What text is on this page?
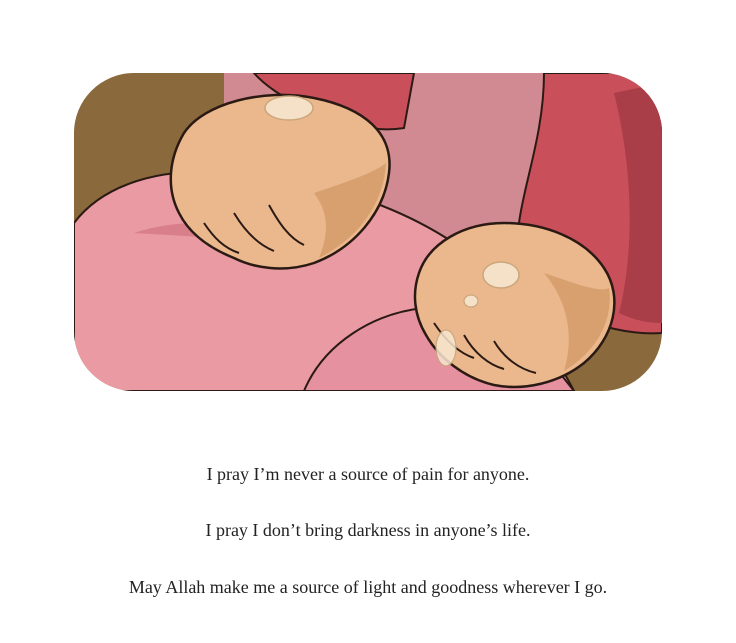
I pray I’m never a source of pain for anyone.
I pray I don’t bring darkness in anyone’s life.
May Allah make me a source of light and goodness wherever I go.
